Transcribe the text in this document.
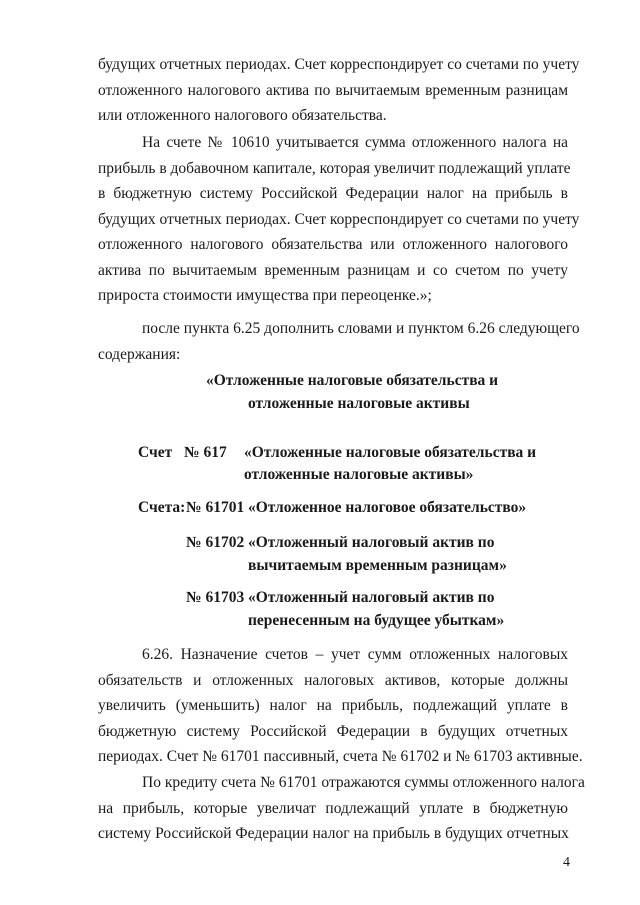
будущих отчетных периодах. Счет корреспондирует со счетами по учету
отложенного налогового актива по вычитаемым временным разницам
или отложенного налогового обязательства.
На счете № 10610 учитывается сумма отложенного налога на
прибыль в добавочном капитале, которая увеличит подлежащий уплате
в бюджетную систему Российской Федерации налог на прибыль в
будущих отчетных периодах. Счет корреспондирует со счетами по учету
отложенного налогового обязательства или отложенного налогового
актива по вычитаемым временным разницам и со счетом по учету
прироста стоимости имущества при переоценке.»;
после пункта 6.25 дополнить словами и пунктом 6.26 следующего
содержания:
«Отложенные налоговые обязательства и
отложенные налоговые активы
Счет № 617 «Отложенные налоговые обязательства и
отложенные налоговые активы»
Счета: № 61701 «Отложенное налоговое обязательство»
№ 61702 «Отложенный налоговый актив по
вычитаемым временным разницам»
№ 61703 «Отложенный налоговый актив по
перенесенным на будущее убыткам»
6.26. Назначение счетов – учет сумм отложенных налоговых
обязательств и отложенных налоговых активов, которые должны
увеличить (уменьшить) налог на прибыль, подлежащий уплате в
бюджетную систему Российской Федерации в будущих отчетных
периодах. Счет № 61701 пассивный, счета № 61702 и № 61703 активные.
По кредиту счета № 61701 отражаются суммы отложенного налога
на прибыль, которые увеличат подлежащий уплате в бюджетную
систему Российской Федерации налог на прибыль в будущих отчетных
4
